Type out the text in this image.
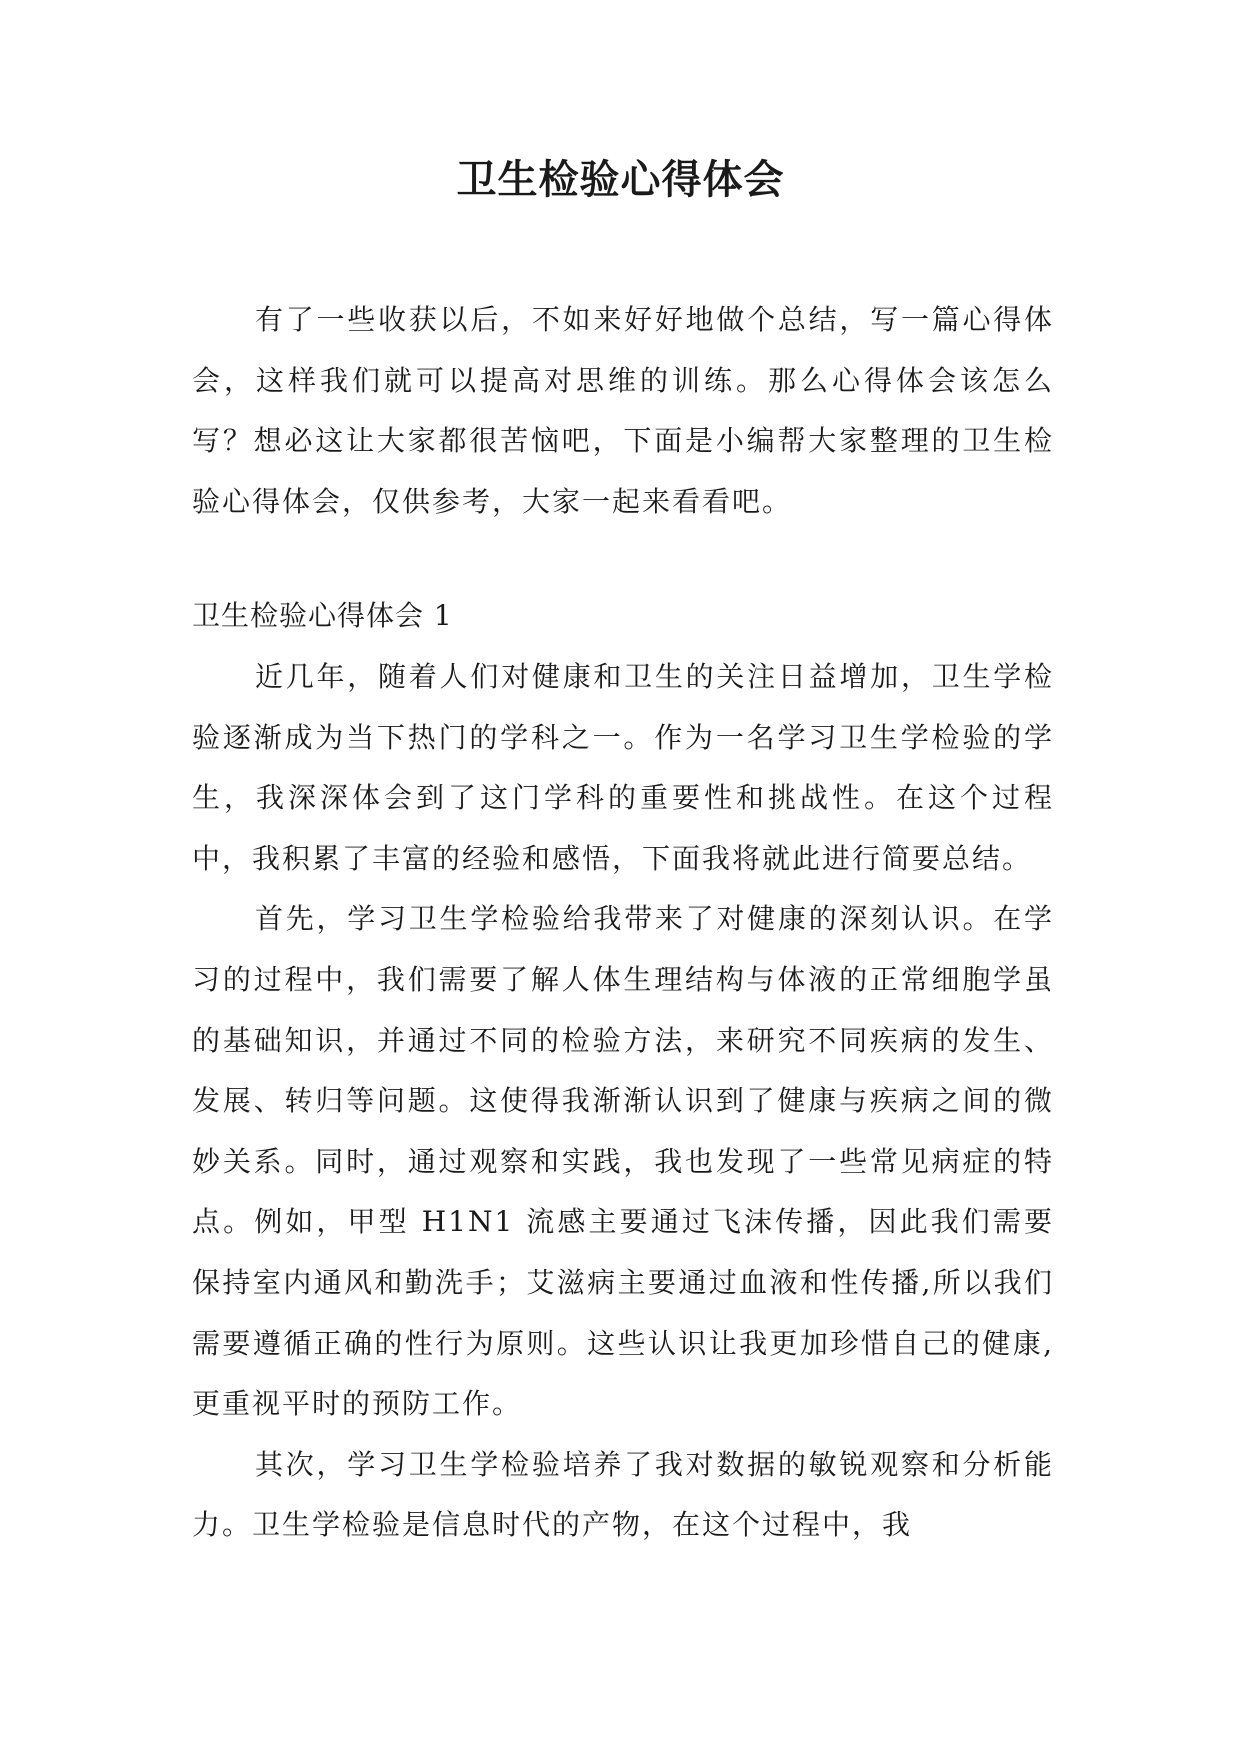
卫生检验心得体会

有了一些收获以后，不如来好好地做个总结，写一篇心得体会，这样我们就可以提高对思维的训练。那么心得体会该怎么写？想必这让大家都很苦恼吧，下面是小编帮大家整理的卫生检验心得体会，仅供参考，大家一起来看看吧。

卫生检验心得体会 1

近几年，随着人们对健康和卫生的关注日益增加，卫生学检验逐渐成为当下热门的学科之一。作为一名学习卫生学检验的学生，我深深体会到了这门学科的重要性和挑战性。在这个过程中，我积累了丰富的经验和感悟，下面我将就此进行简要总结。

首先，学习卫生学检验给我带来了对健康的深刻认识。在学习的过程中，我们需要了解人体生理结构与体液的正常细胞学虽的基础知识，并通过不同的检验方法，来研究不同疾病的发生、发展、转归等问题。这使得我渐渐认识到了健康与疾病之间的微妙关系。同时，通过观察和实践，我也发现了一些常见病症的特点。例如，甲型 H1N1 流感主要通过飞沫传播，因此我们需要保持室内通风和勤洗手；艾滋病主要通过血液和性传播,所以我们需要遵循正确的性行为原则。这些认识让我更加珍惜自己的健康,更重视平时的预防工作。

其次，学习卫生学检验培养了我对数据的敏锐观察和分析能力。卫生学检验是信息时代的产物，在这个过程中，我
